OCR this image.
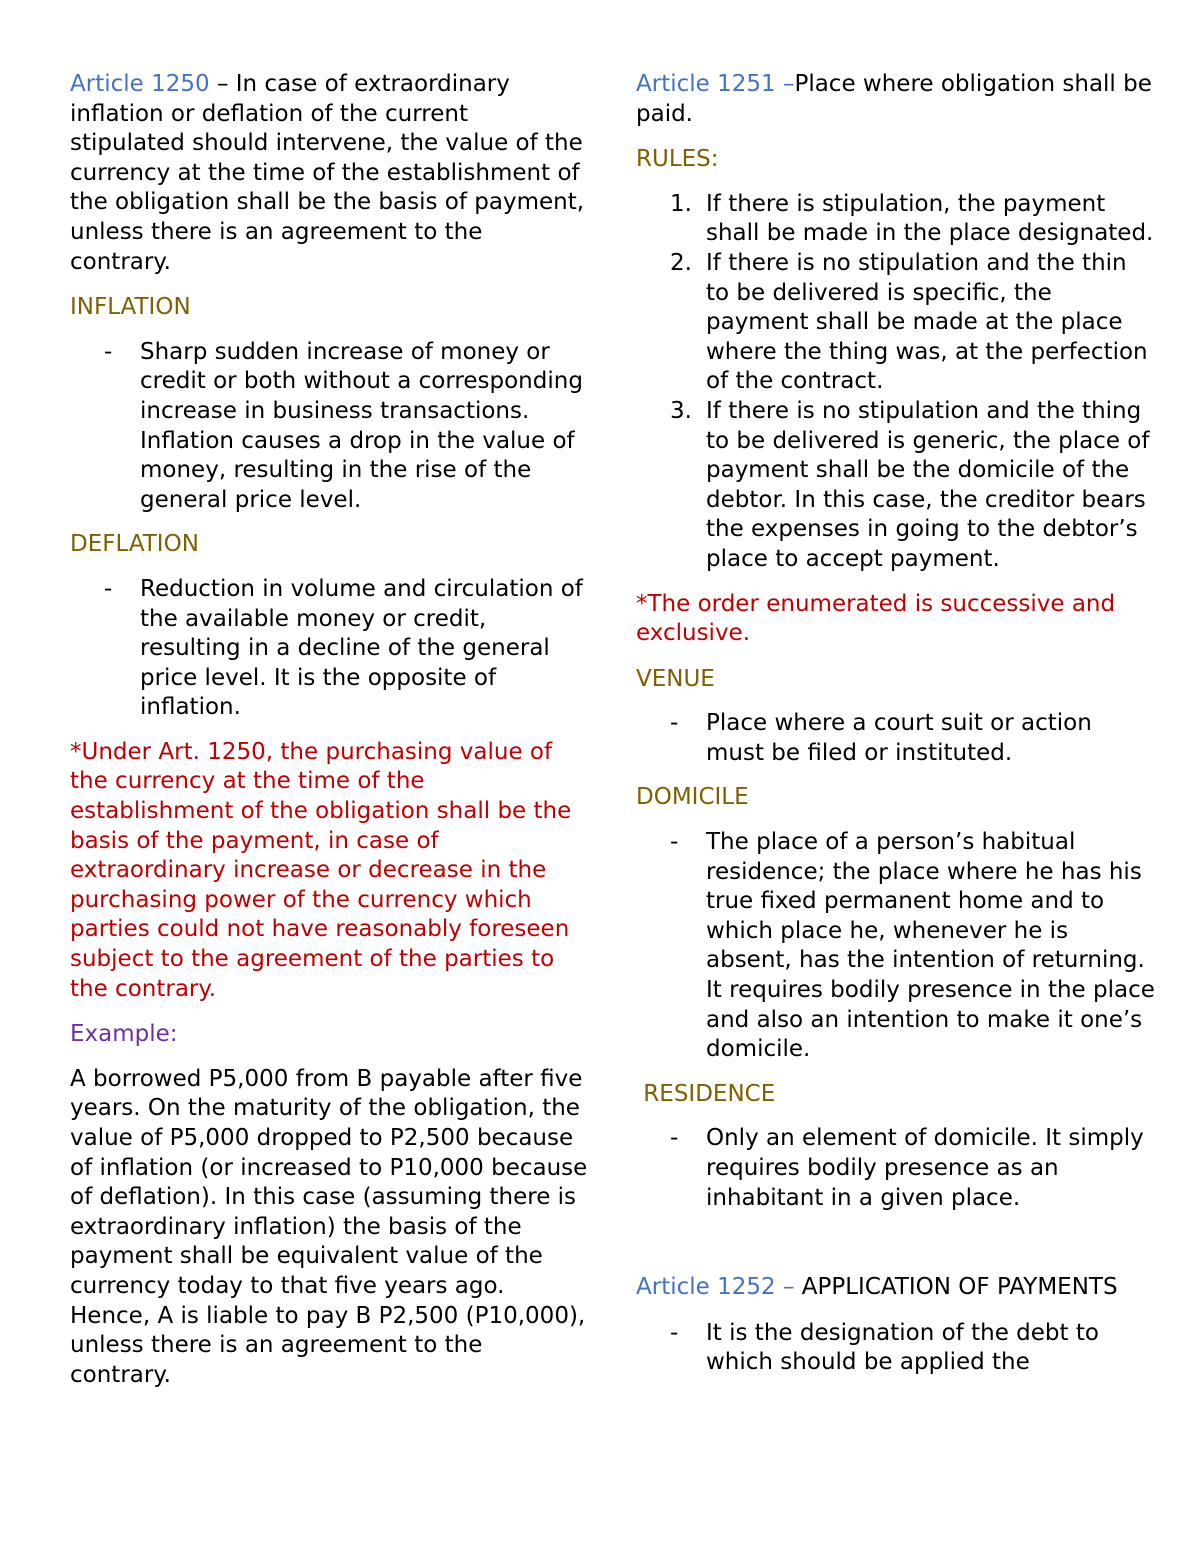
Article 1250 – In case of extraordinary inflation or deflation of the current stipulated should intervene, the value of the currency at the time of the establishment of the obligation shall be the basis of payment, unless there is an agreement to the contrary.

INFLATION

- Sharp sudden increase of money or credit or both without a corresponding increase in business transactions. Inflation causes a drop in the value of money, resulting in the rise of the general price level.

DEFLATION

- Reduction in volume and circulation of the available money or credit, resulting in a decline of the general price level. It is the opposite of inflation.

*Under Art. 1250, the purchasing value of the currency at the time of the establishment of the obligation shall be the basis of the payment, in case of extraordinary increase or decrease in the purchasing power of the currency which parties could not have reasonably foreseen subject to the agreement of the parties to the contrary.

Example:

A borrowed P5,000 from B payable after five years. On the maturity of the obligation, the value of P5,000 dropped to P2,500 because of inflation (or increased to P10,000 because of deflation). In this case (assuming there is extraordinary inflation) the basis of the payment shall be equivalent value of the currency today to that five years ago. Hence, A is liable to pay B P2,500 (P10,000), unless there is an agreement to the contrary.

Article 1251 –Place where obligation shall be paid.

RULES:

1. If there is stipulation, the payment shall be made in the place designated.
2. If there is no stipulation and the thin to be delivered is specific, the payment shall be made at the place where the thing was, at the perfection of the contract.
3. If there is no stipulation and the thing to be delivered is generic, the place of payment shall be the domicile of the debtor. In this case, the creditor bears the expenses in going to the debtor’s place to accept payment.

*The order enumerated is successive and exclusive.

VENUE

- Place where a court suit or action must be filed or instituted.

DOMICILE

- The place of a person’s habitual residence; the place where he has his true fixed permanent home and to which place he, whenever he is absent, has the intention of returning. It requires bodily presence in the place and also an intention to make it one’s domicile.

RESIDENCE

- Only an element of domicile. It simply requires bodily presence as an inhabitant in a given place.

Article 1252 – APPLICATION OF PAYMENTS

- It is the designation of the debt to which should be applied the
